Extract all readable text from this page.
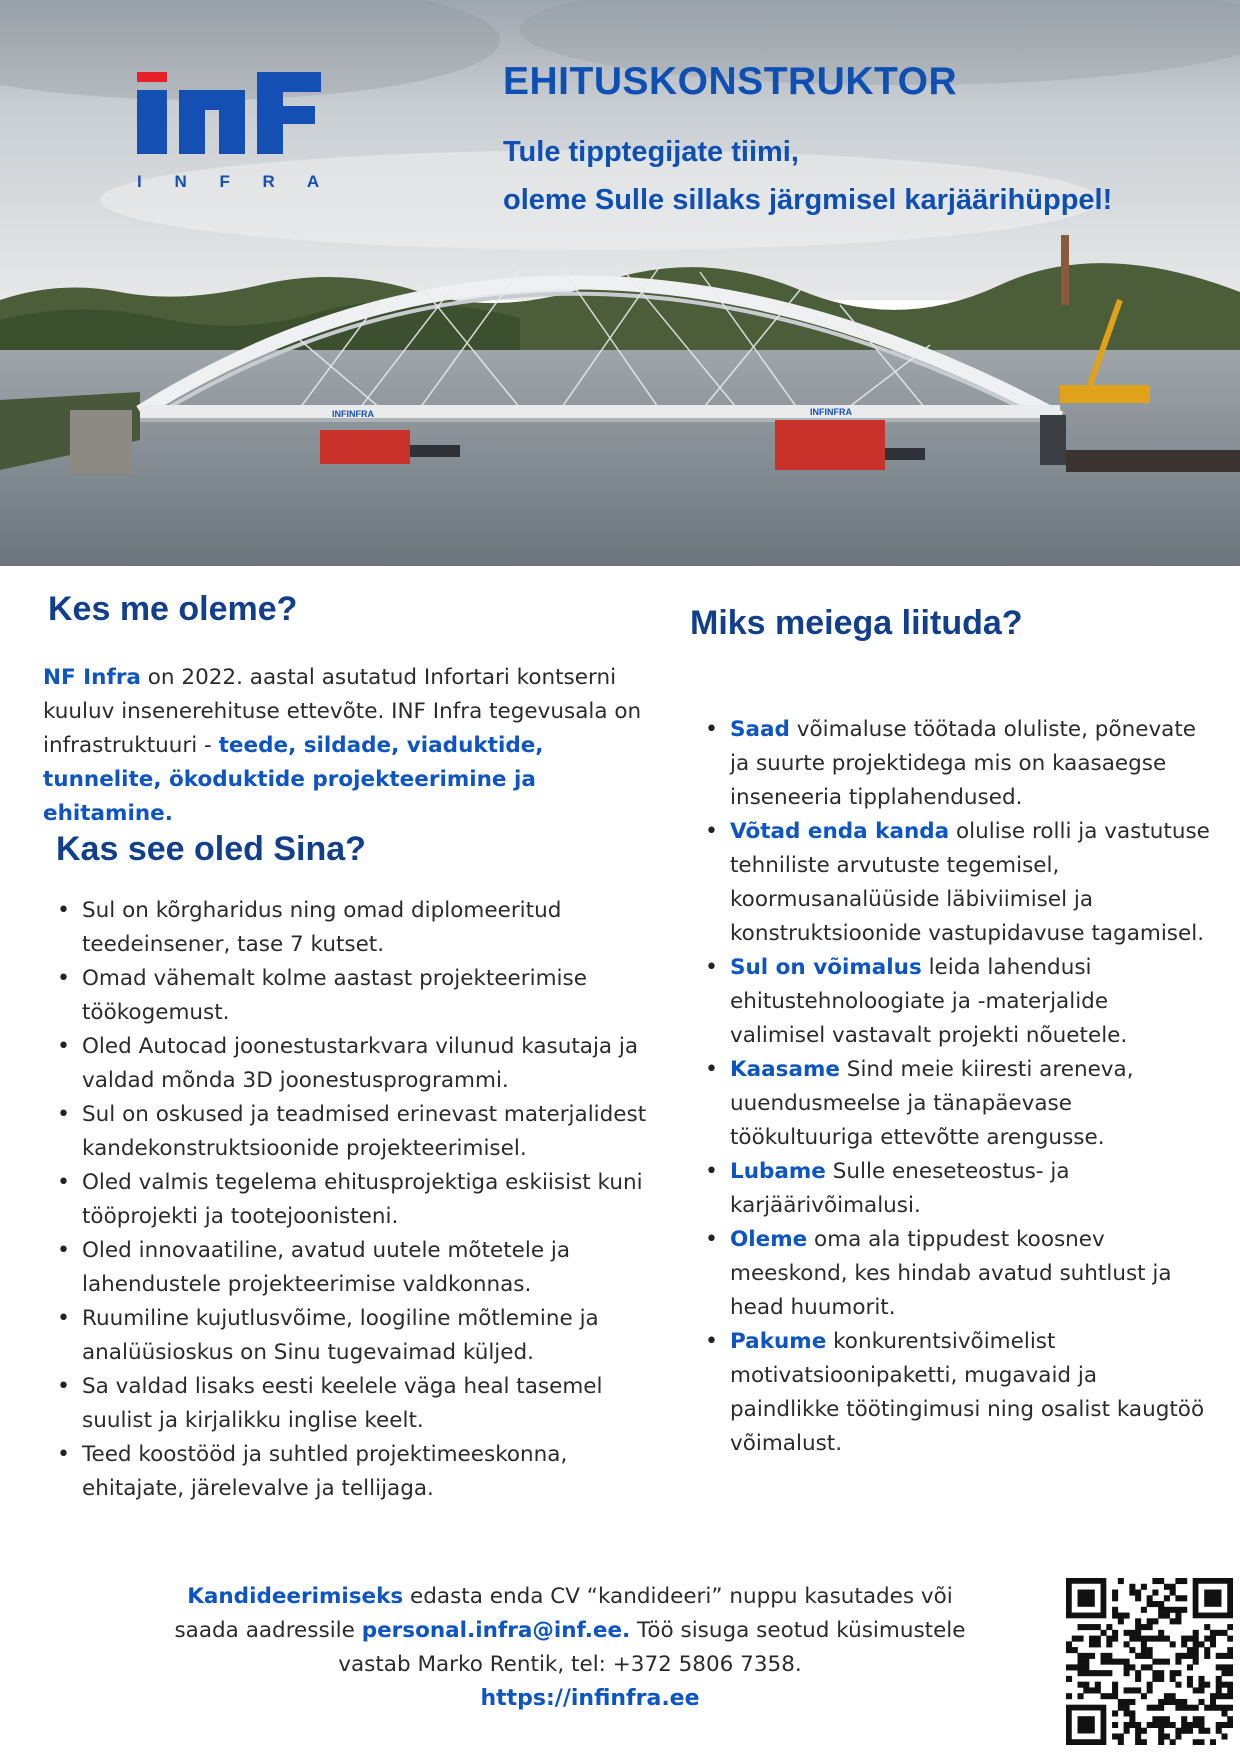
INFINFRA	INFINFRA
I N F R A
EHITUSKONSTRUKTOR

Tule tipptegijate tiimi,
oleme Sulle sillaks järgmisel karjäärihüppel!

Kes me oleme?

NF Infra on 2022. aastal asutatud Infortari kontserni kuuluv insenerehituse ettevõte. INF Infra tegevusala on infrastruktuuri - teede, sildade, viaduktide, tunnelite, ökoduktide projekteerimine ja ehitamine.

Kas see oled Sina?
• Sul on kõrgharidus ning omad diplomeeritud teedeinsener, tase 7 kutset.
• Omad vähemalt kolme aastast projekteerimise töökogemust.
• Oled Autocad joonestustarkvara vilunud kasutaja ja valdad mõnda 3D joonestusprogrammi.
• Sul on oskused ja teadmised erinevast materjalidest kandekonstruktsioonide projekteerimisel.
• Oled valmis tegelema ehitusprojektiga eskiisist kuni tööprojekti ja tootejoonisteni.
• Oled innovaatiline, avatud uutele mõtetele ja lahendustele projekteerimise valdkonnas.
• Ruumiline kujutlusvõime, loogiline mõtlemine ja analüüsioskus on Sinu tugevaimad küljed.
• Sa valdad lisaks eesti keelele väga heal tasemel suulist ja kirjalikku inglise keelt.
• Teed koostööd ja suhtled projektimeeskonna, ehitajate, järelevalve ja tellijaga.
Miks meiega liituda?
• Saad võimaluse töötada oluliste, põnevate ja suurte projektidega mis on kaasaegse inseneeria tipplahendused.
• Võtad enda kanda olulise rolli ja vastutuse tehniliste arvutuste tegemisel, koormusanalüüside läbiviimisel ja konstruktsioonide vastupidavuse tagamisel.
• Sul on võimalus leida lahendusi ehitustehnoloogiate ja -materjalide valimisel vastavalt projekti nõuetele.
• Kaasame Sind meie kiiresti areneva, uuendusmeelse ja tänapäevase töökultuuriga ettevõtte arengusse.
• Lubame Sulle eneseteostus- ja karjäärivõimalusi.
• Oleme oma ala tippudest koosnev meeskond, kes hindab avatud suhtlust ja head huumorit.
• Pakume konkurentsivõimelist motivatsioonipaketti, mugavaid ja paindlikke töötingimusi ning osalist kaugtöö võimalust.

Kandideerimiseks edasta enda CV “kandideeri” nuppu kasutades või saada aadressile personal.infra@inf.ee. Töö sisuga seotud küsimustele vastab Marko Rentik, tel: +372 5806 7358.

https://infinfra.ee
